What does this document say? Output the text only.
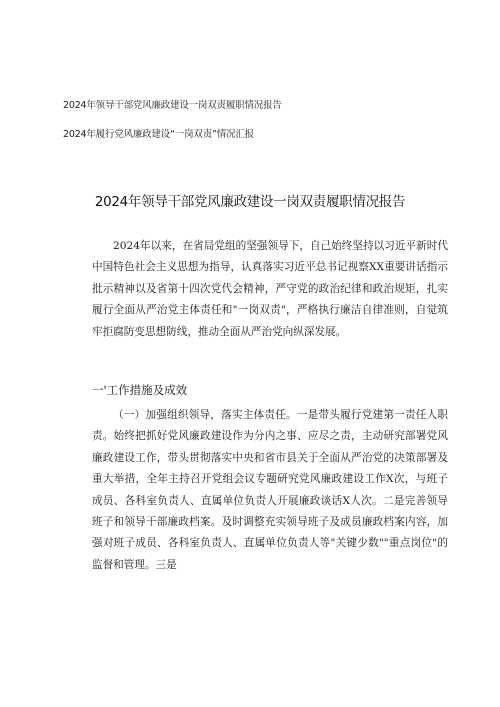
2024年领导干部党风廉政建设一岗双责履职情况报告
2024年履行党风廉政建设“一岗双责”情况汇报
2024年领导干部党风廉政建设一岗双责履职情况报告

2024年以来，在省局党组的坚强领导下，自己始终坚持以习近平新时代中国特色社会主义思想为指导，认真落实习近平总书记视察XX重要讲话指示批示精神以及省第十四次党代会精神，严守党的政治纪律和政治规矩，扎实履行全面从严治党主体责任和"一岗双责"，严格执行廉洁自律准则，自觉筑牢拒腐防变思想防线，推动全面从严治党向纵深发展。

一'工作措施及成效

（一）加强组织领导，落实主体责任。一是带头履行党建第一责任人职责。始终把抓好党风廉政建设作为分内之事、应尽之责，主动研究部署党风廉政建设工作，带头贯彻落实中央和省市县关于全面从严治党的决策部署及重大举措，全年主持召开党组会议专题研究党风廉政建设工作X次，与班子成员、各科室负责人、直属单位负责人开展廉政谈话X人次。二是完善领导班子和领导干部廉政档案。及时调整充实领导班子及成员廉政档案内容，加强对班子成员、各科室负责人、直属单位负责人等"关键少数""重点岗位"的监督和管理。三是
